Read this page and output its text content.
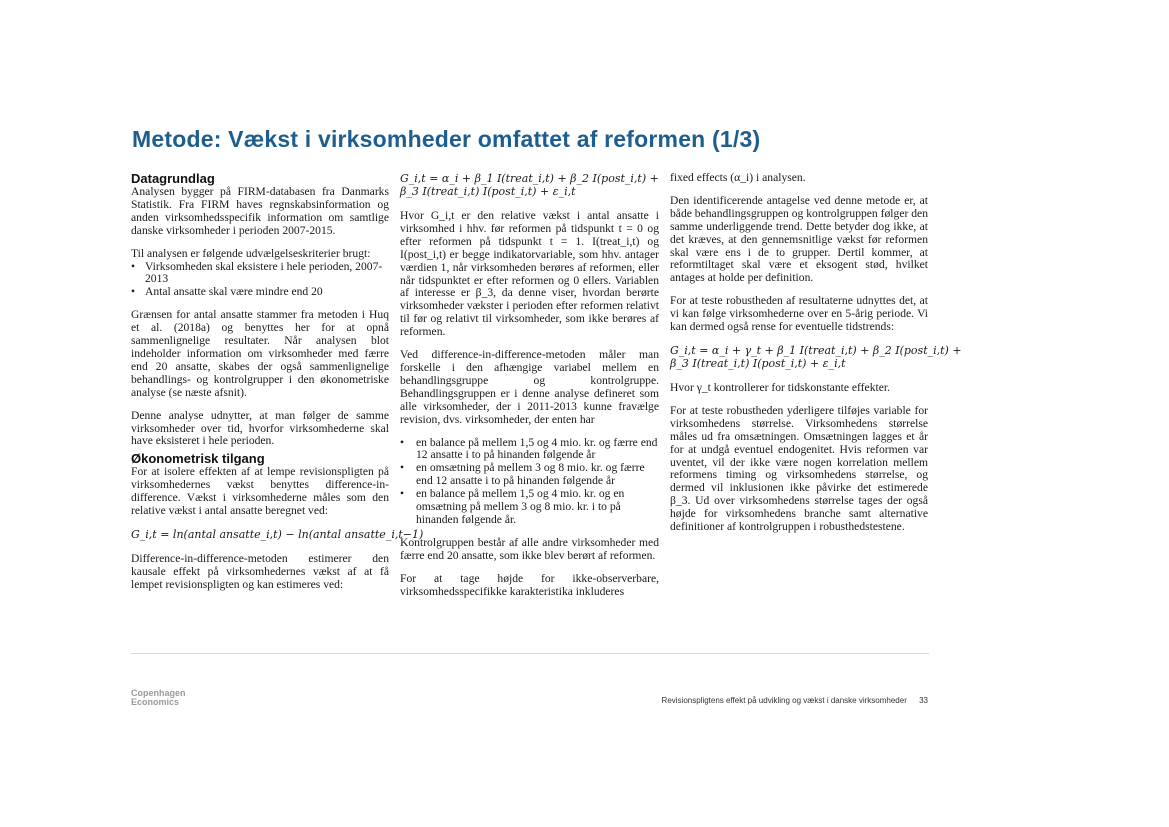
Metode: Vækst i virksomheder omfattet af reformen (1/3)
Datagrundlag

Analysen bygger på FIRM-databasen fra Danmarks Statistik. Fra FIRM haves regnskabsinformation og anden virksomhedsspecifik information om samtlige danske virksomheder i perioden 2007-2015.

Til analysen er følgende udvælgelseskriterier brugt:

• Virksomheden skal eksistere i hele perioden, 2007-2013
• Antal ansatte skal være mindre end 20

Grænsen for antal ansatte stammer fra metoden i Huq et al. (2018a) og benyttes her for at opnå sammenlignelige resultater. Når analysen blot indeholder information om virksomheder med færre end 20 ansatte, skabes der også sammenlignelige behandlings- og kontrolgrupper i den økonometriske analyse (se næste afsnit).

Denne analyse udnytter, at man følger de samme virksomheder over tid, hvorfor virksomhederne skal have eksisteret i hele perioden.

Økonometrisk tilgang

For at isolere effekten af at lempe revisionspligten på virksomhedernes vækst benyttes difference-in-difference. Vækst i virksomhederne måles som den relative vækst i antal ansatte beregnet ved:

G_i,t = ln(antal ansatte_i,t) − ln(antal ansatte_i,t−1)

Difference-in-difference-metoden estimerer den kausale effekt på virksomhedernes vækst af at få lempet revisionspligten og kan estimeres ved:

G_i,t = α_i + β_1 I(treat_i,t) + β_2 I(post_i,t) +
β_3 I(treat_i,t) I(post_i,t) + ε_i,t

Hvor G_i,t er den relative vækst i antal ansatte i virksomhed i hhv. før reformen på tidspunkt t = 0 og efter reformen på tidspunkt t = 1. I(treat_i,t) og I(post_i,t) er begge indikatorvariable, som hhv. antager værdien 1, når virksomheden berøres af reformen, eller når tidspunktet er efter reformen og 0 ellers. Variablen af interesse er β_3, da denne viser, hvordan berørte virksomheder vækster i perioden efter reformen relativt til før og relativt til virksomheder, som ikke berøres af reformen.

Ved difference-in-difference-metoden måler man forskelle i den afhængige variabel mellem en behandlingsgruppe og kontrolgruppe. Behandlingsgruppen er i denne analyse defineret som alle virksomheder, der i 2011-2013 kunne fravælge revision, dvs. virksomheder, der enten har

• en balance på mellem 1,5 og 4 mio. kr. og færre end 12 ansatte i to på hinanden følgende år
• en omsætning på mellem 3 og 8 mio. kr. og færre end 12 ansatte i to på hinanden følgende år
• en balance på mellem 1,5 og 4 mio. kr. og en omsætning på mellem 3 og 8 mio. kr. i to på hinanden følgende år.

Kontrolgruppen består af alle andre virksomheder med færre end 20 ansatte, som ikke blev berørt af reformen.

For at tage højde for ikke-observerbare, virksomhedsspecifikke karakteristika inkluderes

fixed effects (α_i) i analysen.

Den identificerende antagelse ved denne metode er, at både behandlingsgruppen og kontrolgruppen følger den samme underliggende trend. Dette betyder dog ikke, at det kræves, at den gennemsnitlige vækst før reformen skal være ens i de to grupper. Dertil kommer, at reformtiltaget skal være et eksogent stød, hvilket antages at holde per definition.

For at teste robustheden af resultaterne udnyttes det, at vi kan følge virksomhederne over en 5-årig periode. Vi kan dermed også rense for eventuelle tidstrends:

G_i,t = α_i + γ_t + β_1 I(treat_i,t) + β_2 I(post_i,t) +
β_3 I(treat_i,t) I(post_i,t) + ε_i,t

Hvor γ_t kontrollerer for tidskonstante effekter.

For at teste robustheden yderligere tilføjes variable for virksomhedens størrelse. Virksomhedens størrelse måles ud fra omsætningen. Omsætningen lagges et år for at undgå eventuel endogenitet. Hvis reformen var uventet, vil der ikke være nogen korrelation mellem reformens timing og virksomhedens størrelse, og dermed vil inklusionen ikke påvirke det estimerede β_3. Ud over virksomhedens størrelse tages der også højde for virksomhedens branche samt alternative definitioner af kontrolgruppen i robusthedstestene.

Copenhagen
Economics	Revisionspligtens effekt på udvikling og vækst i danske virksomheder 33
